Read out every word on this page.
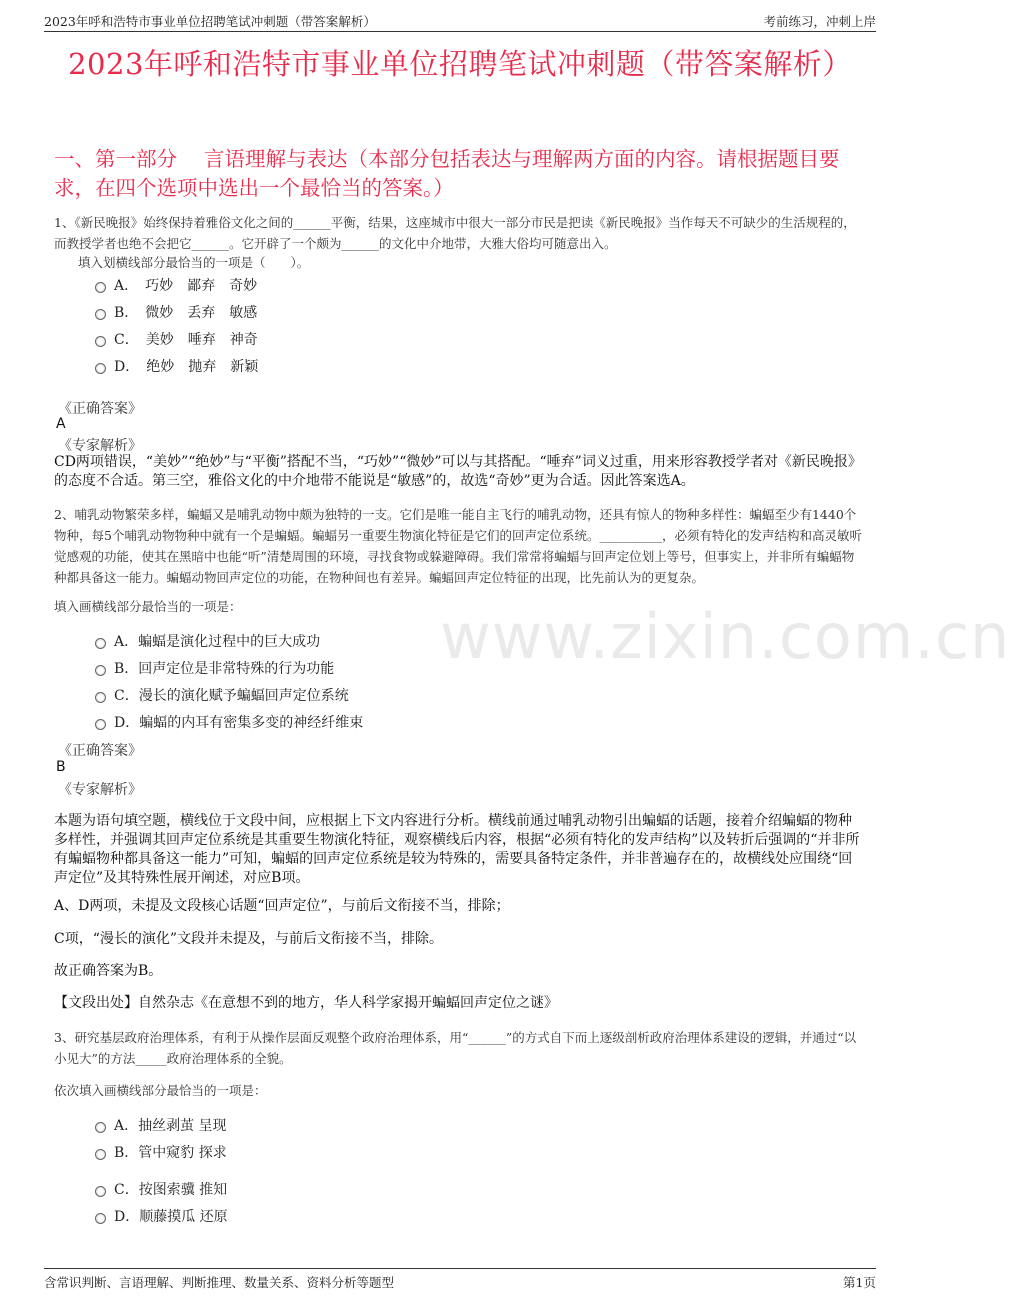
2023年呼和浩特市事业单位招聘笔试冲刺题（带答案解析）	考前练习，冲刺上岸
2023年呼和浩特市事业单位招聘笔试冲刺题（带答案解析）
一、第一部分　 言语理解与表达（本部分包括表达与理解两方面的内容。请根据题目要求，在四个选项中选出一个最恰当的答案。）
www.zixin.com.cn
1、《新民晚报》始终保持着雅俗文化之间的______平衡，结果，这座城市中很大一部分市民是把读《新民晚报》当作每天不可缺少的生活规程的，而教授学者也绝不会把它______。它开辟了一个颇为______的文化中介地带，大雅大俗均可随意出入。
填入划横线部分最恰当的一项是（　　）。
A．　巧妙　鄙弃　奇妙
B．　微妙　丢弃　敏感
C．　美妙　唾弃　神奇
D．　绝妙　抛弃　新颖
《正确答案》
A
《专家解析》
CD两项错误，“美妙”“绝妙”与“平衡”搭配不当，“巧妙”“微妙”可以与其搭配。“唾弃”词义过重，用来形容教授学者对《新民晚报》的态度不合适。第三空，雅俗文化的中介地带不能说是“敏感”的，故选“奇妙”更为合适。因此答案选A。
2、哺乳动物繁荣多样，蝙蝠又是哺乳动物中颇为独特的一支。它们是唯一能自主飞行的哺乳动物，还具有惊人的物种多样性：蝙蝠至少有1440个物种，每5个哺乳动物物种中就有一个是蝙蝠。蝙蝠另一重要生物演化特征是它们的回声定位系统。__________，必须有特化的发声结构和高灵敏听觉感观的功能，使其在黑暗中也能“听”清楚周围的环境，寻找食物或躲避障碍。我们常常将蝙蝠与回声定位划上等号，但事实上，并非所有蝙蝠物种都具备这一能力。蝙蝠动物回声定位的功能，在物种间也有差异。蝙蝠回声定位特征的出现，比先前认为的更复杂。
填入画横线部分最恰当的一项是：
A．蝙蝠是演化过程中的巨大成功
B．回声定位是非常特殊的行为功能
C．漫长的演化赋予蝙蝠回声定位系统
D．蝙蝠的内耳有密集多变的神经纤维束
《正确答案》
B
《专家解析》
本题为语句填空题，横线位于文段中间，应根据上下文内容进行分析。横线前通过哺乳动物引出蝙蝠的话题，接着介绍蝙蝠的物种多样性，并强调其回声定位系统是其重要生物演化特征，观察横线后内容，根据“必须有特化的发声结构”以及转折后强调的“并非所有蝙蝠物种都具备这一能力”可知，蝙蝠的回声定位系统是较为特殊的，需要具备特定条件，并非普遍存在的，故横线处应围绕“回声定位”及其特殊性展开阐述，对应B项。
A、D两项，未提及文段核心话题“回声定位”，与前后文衔接不当，排除；
C项，“漫长的演化”文段并未提及，与前后文衔接不当，排除。
故正确答案为B。
【文段出处】自然杂志《在意想不到的地方，华人科学家揭开蝙蝠回声定位之谜》
3、研究基层政府治理体系，有利于从操作层面反观整个政府治理体系，用“______”的方式自下而上逐级剖析政府治理体系建设的逻辑，并通过“以小见大”的方法_____政府治理体系的全貌。
依次填入画横线部分最恰当的一项是：
A．抽丝剥茧 呈现
B．管中窥豹 探求
C．按图索骥 推知
D．顺藤摸瓜 还原
含常识判断、言语理解、判断推理、数量关系、资料分析等题型	第1页
